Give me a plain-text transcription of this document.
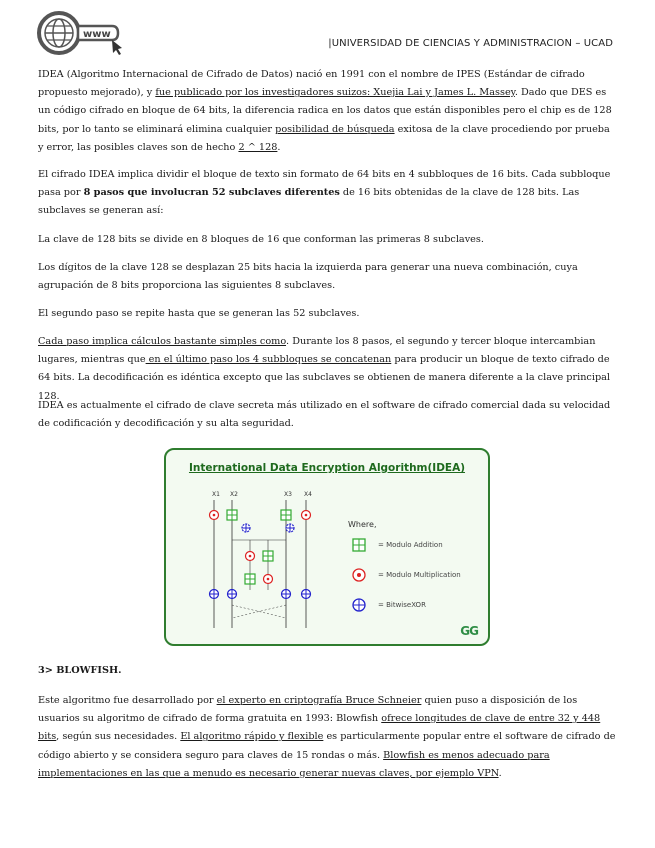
www
|UNIVERSIDAD DE CIENCIAS Y ADMINISTRACION – UCAD

IDEA (Algoritmo Internacional de Cifrado de Datos) nació en 1991 con el nombre de IPES (Estándar de cifrado propuesto mejorado), y fue publicado por los investigadores suizos: Xuejia Lai y James L. Massey. Dado que DES es un código cifrado en bloque de 64 bits, la diferencia radica en los datos que están disponibles pero el chip es de 128 bits, por lo tanto se eliminará elimina cualquier posibilidad de búsqueda exitosa de la clave procediendo por prueba y error, las posibles claves son de hecho 2 ^ 128.

El cifrado IDEA implica dividir el bloque de texto sin formato de 64 bits en 4 subbloques de 16 bits. Cada subbloque pasa por 8 pasos que involucran 52 subclaves diferentes de 16 bits obtenidas de la clave de 128 bits. Las subclaves se generan así:

La clave de 128 bits se divide en 8 bloques de 16 que conforman las primeras 8 subclaves.

Los dígitos de la clave 128 se desplazan 25 bits hacia la izquierda para generar una nueva combinación, cuya agrupación de 8 bits proporciona las siguientes 8 subclaves.

El segundo paso se repite hasta que se generan las 52 subclaves.

Cada paso implica cálculos bastante simples como. Durante los 8 pasos, el segundo y tercer bloque intercambian lugares, mientras que en el último paso los 4 subbloques se concatenan para producir un bloque de texto cifrado de 64 bits. La decodificación es idéntica excepto que las subclaves se obtienen de manera diferente a la clave principal 128.

IDEA es actualmente el cifrado de clave secreta más utilizado en el software de cifrado comercial dada su velocidad de codificación y decodificación y su alta seguridad.

International Data Encryption Algorithm(IDEA)
X1 X2	X3 X4
Where,
= Modulo Addition
= Modulo Multiplication
= BitwiseXOR
GG
3> BLOWFISH.

Este algoritmo fue desarrollado por el experto en criptografía Bruce Schneier quien puso a disposición de los usuarios su algoritmo de cifrado de forma gratuita en 1993: Blowfish ofrece longitudes de clave de entre 32 y 448 bits, según sus necesidades. El algoritmo rápido y flexible es particularmente popular entre el software de cifrado de código abierto y se considera seguro para claves de 15 rondas o más. Blowfish es menos adecuado para implementaciones en las que a menudo es necesario generar nuevas claves, por ejemplo VPN.
